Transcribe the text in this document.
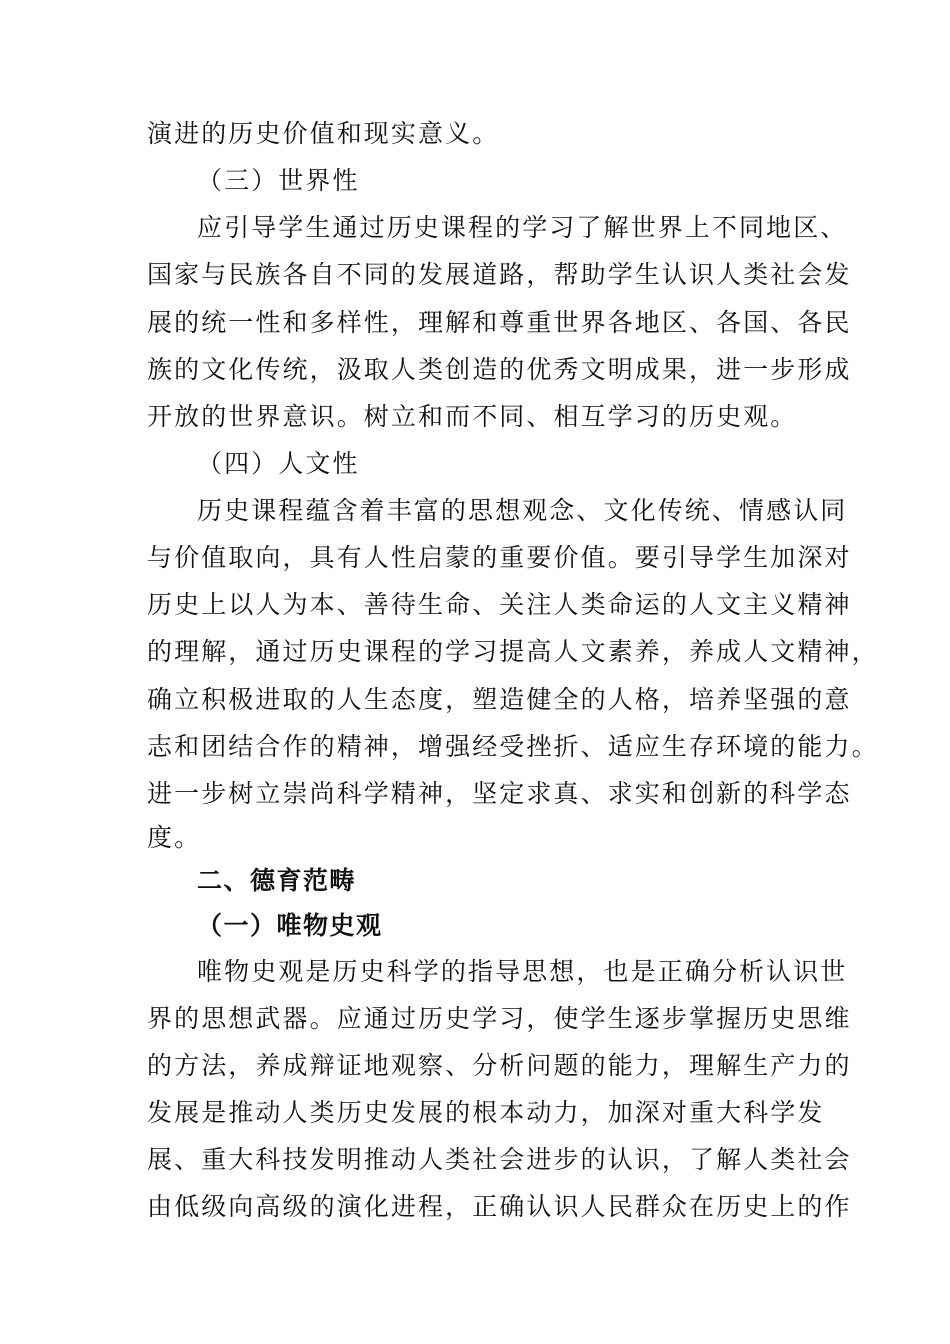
演进的历史价值和现实意义。
（三）世界性
应引导学生通过历史课程的学习了解世界上不同地区、
国家与民族各自不同的发展道路，帮助学生认识人类社会发
展的统一性和多样性，理解和尊重世界各地区、各国、各民
族的文化传统，汲取人类创造的优秀文明成果，进一步形成
开放的世界意识。树立和而不同、相互学习的历史观。
（四）人文性
历史课程蕴含着丰富的思想观念、文化传统、情感认同
与价值取向，具有人性启蒙的重要价值。要引导学生加深对
历史上以人为本、善待生命、关注人类命运的人文主义精神
的理解，通过历史课程的学习提高人文素养，养成人文精神，
确立积极进取的人生态度，塑造健全的人格，培养坚强的意
志和团结合作的精神，增强经受挫折、适应生存环境的能力。
进一步树立崇尚科学精神，坚定求真、求实和创新的科学态
度。
二、德育范畴
（一）唯物史观
唯物史观是历史科学的指导思想，也是正确分析认识世
界的思想武器。应通过历史学习，使学生逐步掌握历史思维
的方法，养成辩证地观察、分析问题的能力，理解生产力的
发展是推动人类历史发展的根本动力，加深对重大科学发
展、重大科技发明推动人类社会进步的认识，了解人类社会
由低级向高级的演化进程，正确认识人民群众在历史上的作
